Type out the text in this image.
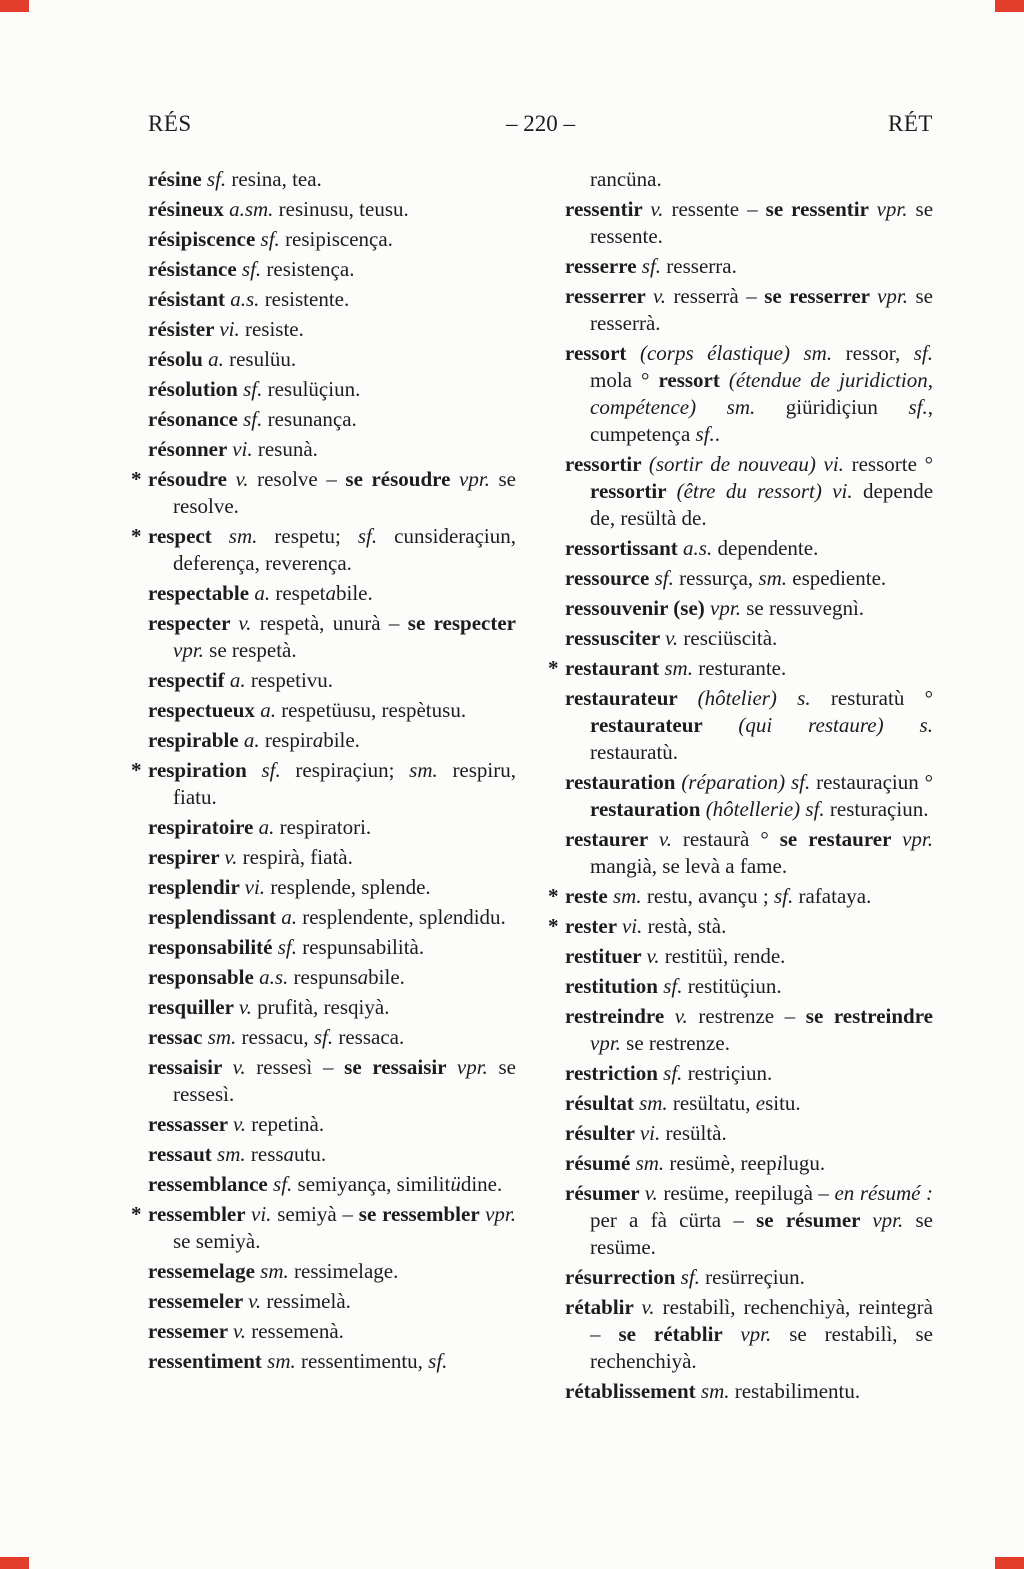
RÉS	– 220 –	RÉT

résine sf. resina, tea.

résineux a.sm. resinusu, teusu.

résipiscence sf. resipiscença.

résistance sf. resistença.

résistant a.s. resistente.

résister vi. resiste.

résolu a. resulüu.

résolution sf. resulüçiun.

résonance sf. resunança.

résonner vi. resunà.

* résoudre v. resolve – se résoudre vpr. se resolve.

* respect sm. respetu; sf. cunsideraçiun, deferença, reverença.

respectable a. respetabile.

respecter v. respetà, unurà – se respecter vpr. se respetà.

respectif a. respetivu.

respectueux a. respetüusu, respètusu.

respirable a. respirabile.

* respiration sf. respiraçiun; sm. respiru, fiatu.

respiratoire a. respiratori.

respirer v. respirà, fiatà.

resplendir vi. resplende, splende.

resplendissant a. resplendente, splendidu.

responsabilité sf. respunsabilità.

responsable a.s. respunsabile.

resquiller v. prufità, resqiyà.

ressac sm. ressacu, sf. ressaca.

ressaisir v. ressesì – se ressaisir vpr. se ressesì.

ressasser v. repetinà.

ressaut sm. ressautu.

ressemblance sf. semiyança, similitüdine.

* ressembler vi. semiyà – se ressembler vpr. se semiyà.

ressemelage sm. ressimelage.

ressemeler v. ressimelà.

ressemer v. ressemenà.

ressentiment sm. ressentimentu, sf.

rancüna.

ressentir v. ressente – se ressentir vpr. se ressente.

resserre sf. resserra.

resserrer v. resserrà – se resserrer vpr. se resserrà.

ressort (corps élastique) sm. ressor, sf. mola ° ressort (étendue de juridiction, compétence) sm. giüridiçiun sf., cumpetença sf..

ressortir (sortir de nouveau) vi. ressorte ° ressortir (être du ressort) vi. depende de, resültà de.

ressortissant a.s. dependente.

ressource sf. ressurça, sm. espediente.

ressouvenir (se) vpr. se ressuvegnì.

ressusciter v. resciüscità.

* restaurant sm. resturante.

restaurateur (hôtelier) s. resturatù ° restaurateur (qui restaure) s. restauratù.

restauration (réparation) sf. restauraçiun ° restauration (hôtellerie) sf. resturaçiun.

restaurer v. restaurà ° se restaurer vpr. mangià, se levà a fame.

* reste sm. restu, avançu ; sf. rafataya.

* rester vi. restà, stà.

restituer v. restitüì, rende.

restitution sf. restitüçiun.

restreindre v. restrenze – se restreindre vpr. se restrenze.

restriction sf. restriçiun.

résultat sm. resültatu, esitu.

résulter vi. resültà.

résumé sm. resümè, reepilugu.

résumer v. resüme, reepilugà – en résumé : per a fà cürta – se résumer vpr. se resüme.

résurrection sf. resürreçiun.

rétablir v. restabilì, rechenchiyà, reintegrà – se rétablir vpr. se restabilì, se rechenchiyà.

rétablissement sm. restabilimentu.
